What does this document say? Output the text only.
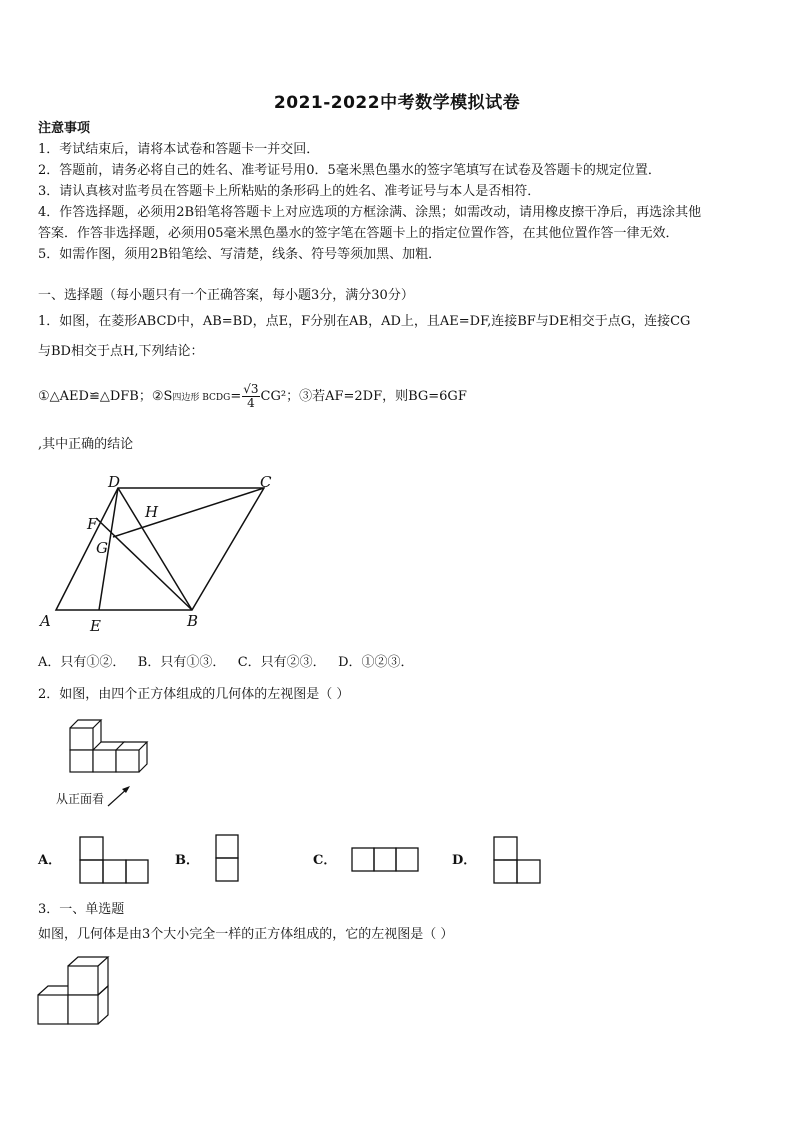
2021-2022中考数学模拟试卷
注意事项
1．考试结束后，请将本试卷和答题卡一并交回．
2．答题前，请务必将自己的姓名、准考证号用0．5毫米黑色墨水的签字笔填写在试卷及答题卡的规定位置．
3．请认真核对监考员在答题卡上所粘贴的条形码上的姓名、准考证号与本人是否相符．
4．作答选择题，必须用2B铅笔将答题卡上对应选项的方框涂满、涂黑；如需改动，请用橡皮擦干净后，再选涂其他
答案．作答非选择题，必须用05毫米黑色墨水的签字笔在答题卡上的指定位置作答，在其他位置作答一律无效．
5．如需作图，须用2B铅笔绘、写清楚，线条、符号等须加黑、加粗．
一、选择题（每小题只有一个正确答案，每小题3分，满分30分）
1．如图，在菱形ABCD中，AB=BD，点E，F分别在AB，AD上，且AE=DF,连接BF与DE相交于点G，连接CG
与BD相交于点H,下列结论：
①△AED≌△DFB；②S四边形 BCDG= $\frac{√3}{4} CG^2$；③若AF=2DF，则BG=6GF
,其中正确的结论
D	C
H
F
G
A	E	B
A．只有①②．   B．只有①③．   C．只有②③．   D．①②③．
2．如图，由四个正方体组成的几何体的左视图是（ ）
从正面看
A．	B．	C．	D．
3．一、单选题
如图，几何体是由3个大小完全一样的正方体组成的，它的左视图是（ ）
